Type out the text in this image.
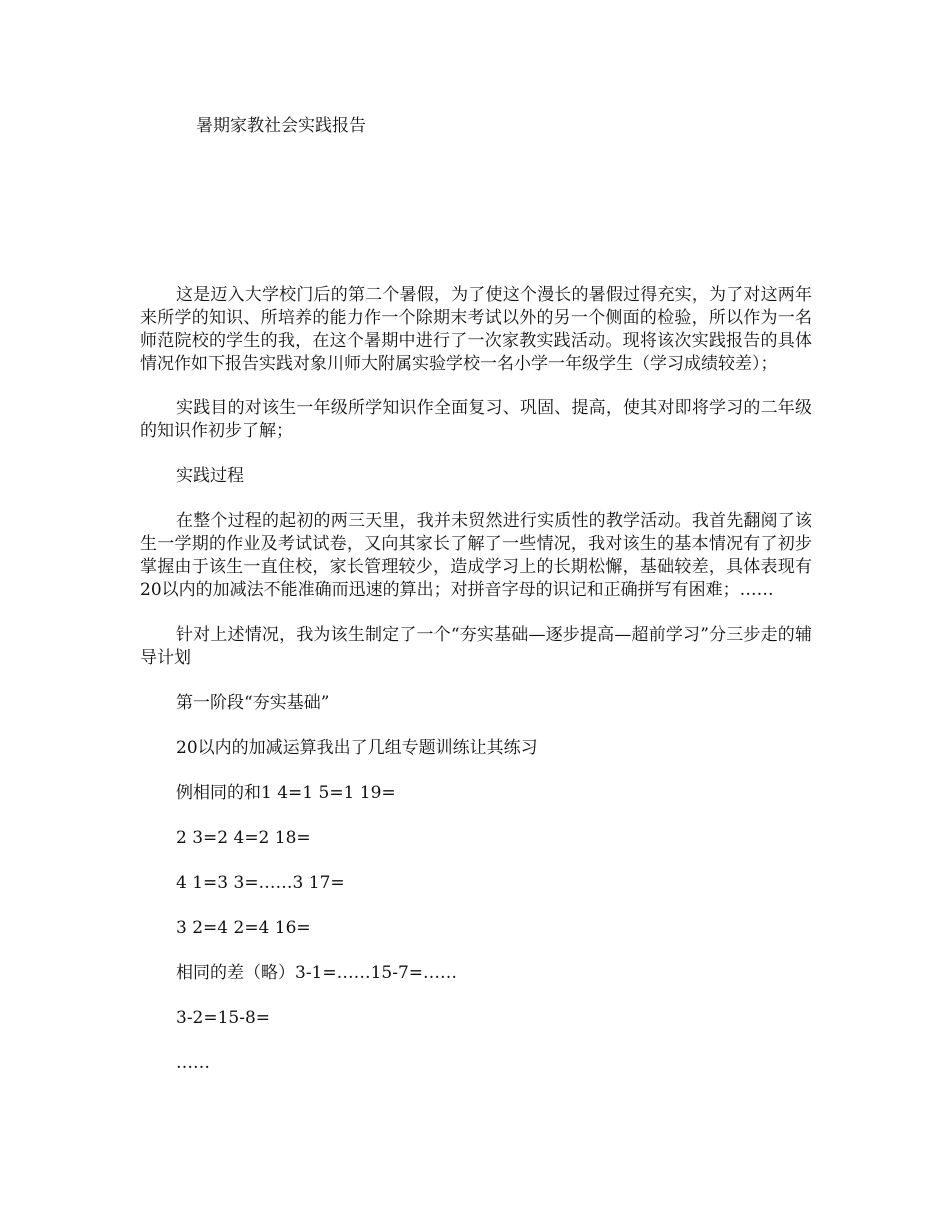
暑期家教社会实践报告

这是迈入大学校门后的第二个暑假，为了使这个漫长的暑假过得充实，为了对这两年来所学的知识、所培养的能力作一个除期末考试以外的另一个侧面的检验，所以作为一名师范院校的学生的我，在这个暑期中进行了一次家教实践活动。现将该次实践报告的具体情况作如下报告实践对象川师大附属实验学校一名小学一年级学生（学习成绩较差）；

实践目的对该生一年级所学知识作全面复习、巩固、提高，使其对即将学习的二年级的知识作初步了解；

实践过程

在整个过程的起初的两三天里，我并未贸然进行实质性的教学活动。我首先翻阅了该生一学期的作业及考试试卷，又向其家长了解了一些情况，我对该生的基本情况有了初步掌握由于该生一直住校，家长管理较少，造成学习上的长期松懈，基础较差，具体表现有20以内的加减法不能准确而迅速的算出；对拼音字母的识记和正确拼写有困难；……

针对上述情况，我为该生制定了一个“夯实基础—逐步提高—超前学习”分三步走的辅导计划

第一阶段“夯实基础”

20以内的加减运算我出了几组专题训练让其练习

例相同的和1 4=1 5=1 19=

2 3=2 4=2 18=

4 1=3 3=……3 17=

3 2=4 2=4 16=

相同的差（略）3-1=……15-7=……

3-2=15-8=

……
